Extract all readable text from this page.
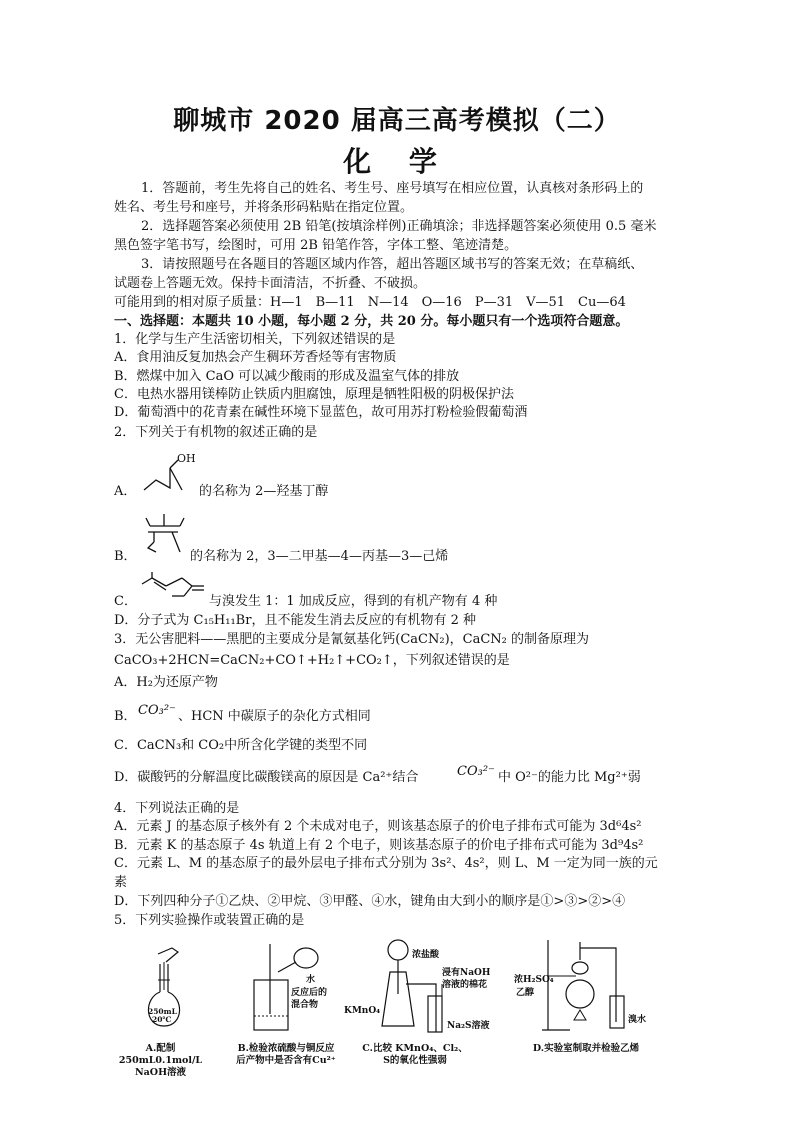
聊城市 2020 届高三高考模拟（二）
化 学
1．答题前，考生先将自己的姓名、考生号、座号填写在相应位置，认真核对条形码上的
姓名、考生号和座号，并将条形码粘贴在指定位置。
2．选择题答案必须使用 2B 铅笔(按填涂样例)正确填涂；非选择题答案必须使用 0.5 毫米
黑色签字笔书写，绘图时，可用 2B 铅笔作答，字体工整、笔迹清楚。
3．请按照题号在各题目的答题区域内作答，超出答题区域书写的答案无效；在草稿纸、
试题卷上答题无效。保持卡面清洁，不折叠、不破损。
可能用到的相对原子质量：H—1　B—11　N—14　O—16　P—31　V—51　Cu—64
一、选择题：本题共 10 小题，每小题 2 分，共 20 分。每小题只有一个选项符合题意。
1．化学与生产生活密切相关，下列叙述错误的是
A．食用油反复加热会产生稠环芳香烃等有害物质
B．燃煤中加入 CaO 可以减少酸雨的形成及温室气体的排放
C．电热水器用镁棒防止铁质内胆腐蚀，原理是牺牲阳极的阴极保护法
D．葡萄酒中的花青素在碱性环境下显蓝色，故可用苏打粉检验假葡萄酒
2．下列关于有机物的叙述正确的是
A．
OH
的名称为 2—羟基丁醇
B．	的名称为 2，3—二甲基—4—丙基—3—己烯
C．	与溴发生 1：1 加成反应，得到的有机产物有 4 种
D．分子式为 C₁₅H₁₁Br，且不能发生消去反应的有机物有 2 种
3．无公害肥料——黑肥的主要成分是氰氨基化钙(CaCN₂)，CaCN₂ 的制备原理为
CaCO₃+2HCN=CaCN₂+CO↑+H₂↑+CO₂↑，下列叙述错误的是
A．H₂为还原产物
B． CO₃²⁻ 、HCN 中碳原子的杂化方式相同
C．CaCN₃和 CO₂中所含化学键的类型不同
D．碳酸钙的分解温度比碳酸镁高的原因是 Ca²⁺结合	CO₃²⁻ 中 O²⁻的能力比 Mg²⁺弱
4．下列说法正确的是
A．元素 J 的基态原子核外有 2 个未成对电子，则该基态原子的价电子排布式可能为 3d⁶4s²
B．元素 K 的基态原子 4s 轨道上有 2 个电子，则该基态原子的价电子排布式可能为 3d⁹4s²
C．元素 L、M 的基态原子的最外层电子排布式分别为 3s²、4s²，则 L、M 一定为同一族的元
素
D．下列四种分子①乙炔、②甲烷、③甲醛、④水，键角由大到小的顺序是①>③>②>④
5．下列实验操作或装置正确的是
250mL
20℃
A.配制250mL0.1mol/L
NaOH溶液
水
反应后的
混合物
B.检验浓硫酸与铜反应
后产物中是否含有Cu²⁺
浓盐酸
浸有NaOH
溶液的棉花
KMnO₄
Na₂S溶液
C.比较 KMnO₄、Cl₂、
S的氧化性强弱
浓H₂SO₄
乙醇
溴水
D.实验室制取并检验乙烯
